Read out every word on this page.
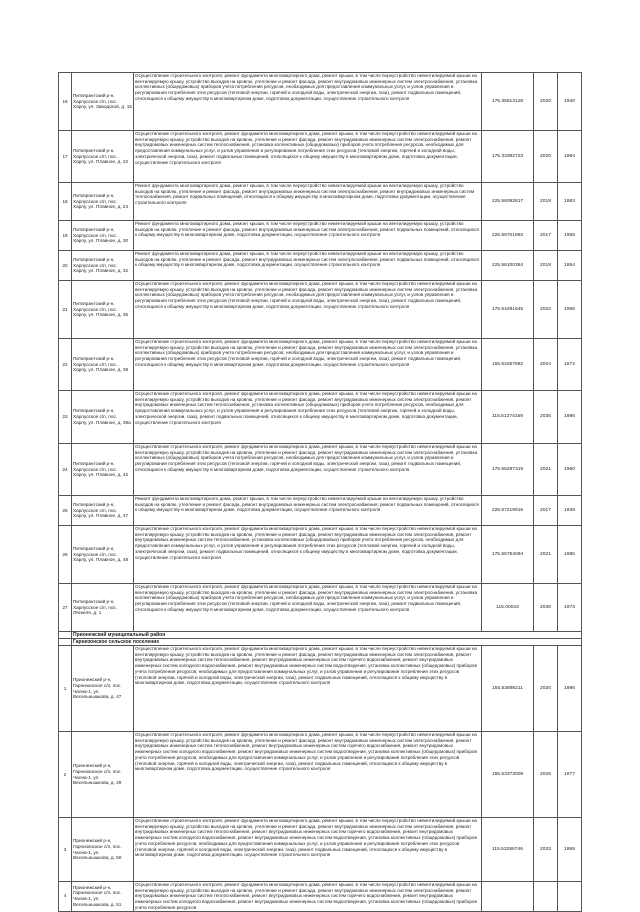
16	Питкярантский р-н, Харлусское с/п, пос. Харлу, ул. Заводской, д. 15	Осуществление строительного контроля, ремонт фундамента многоквартирного дома, ремонт крыши, в том числе переустройство невентилируемой крыши на вентилируемую крышу, устройство выходов на кровлю, утепление и ремонт фасада, ремонт внутридомовых инженерных систем электроснабжения, установка коллективных (общедомовых) приборов учета потребления ресурсов, необходимых для предоставления коммунальных услуг, и узлов управления и регулирования потребления этих ресурсов (тепловой энергии, горячей и холодной воды, электрической энергии, газа), ремонт подвальных помещений, относящихся к общему имуществу в многоквартирном доме, подготовка документации, осуществление строительного контроля	175.35513128	2020	1940
17	Питкярантский р-н, Харлусское с/п, пос. Харлу, ул. Плавное, д. 22	Осуществление строительного контроля, ремонт фундамента многоквартирного дома, ремонт крыши, в том числе переустройство невентилируемой крыши на вентилируемую крышу, устройство выходов на кровлю, утепление и ремонт фасада, ремонт внутридомовых инженерных систем электроснабжения, ремонт внутридомовых инженерных систем теплоснабжения, установка коллективных (общедомовых) приборов учета потребления ресурсов, необходимых для предоставления коммунальных услуг, и узлов управления и регулирования потребления этих ресурсов (тепловой энергии, горячей и холодной воды, электрической энергии, газа), ремонт подвальных помещений, относящихся к общему имуществу в многоквартирном доме, подготовка документации, осуществление строительного контроля	175.33382723	2020	1984
18	Питкярантский р-н, Харлусское с/п, пос. Харлу, ул. Плавное, д. 24	Ремонт фундамента многоквартирного дома, ремонт крыши, в том числе переустройство невентилируемой крыши на вентилируемую крышу, устройство выходов на кровлю, утепление и ремонт фасада, ремонт внутридомовых инженерных систем электроснабжения, ремонт внутридомовых инженерных систем теплоснабжения, ремонт подвальных помещений, относящихся к общему имуществу в многоквартирном доме, подготовка документации, осуществление строительного контроля	225.56092817	2018	1983
19	Питкярантский р-н, Харлусское с/п, пос. Харлу, ул. Плавное, д. 30	Ремонт фундамента многоквартирного дома, ремонт крыши, в том числе переустройство невентилируемой крыши на вентилируемую крышу, устройство выходов на кровлю, утепление и ремонт фасада, ремонт внутридомовых инженерных систем электроснабжения, ремонт подвальных помещений, относящихся к общему имуществу в многоквартирном доме, подготовка документации, осуществление строительного контроля	225.56701993	2017	1955
20	Питкярантский р-н, Харлусское с/п, пос. Харлу, ул. Плавное, д. 32	Ремонт фундамента многоквартирного дома, ремонт крыши, в том числе переустройство невентилируемой крыши на вентилируемую крышу, устройство выходов на кровлю, утепление и ремонт фасада, ремонт внутридомовых инженерных систем электроснабжения, ремонт подвальных помещений, относящихся к общему имуществу в многоквартирном доме, подготовка документации, осуществление строительного контроля	225.56100384	2018	1954
21	Питкярантский р-н, Харлусское с/п, пос. Харлу, ул. Плавное, д. 36	Осуществление строительного контроля, ремонт фундамента многоквартирного дома, ремонт крыши, в том числе переустройство невентилируемой крыши на вентилируемую крышу, устройство выходов на кровлю, утепление и ремонт фасада, ремонт внутридомовых инженерных систем электроснабжения, установка коллективных (общедомовых) приборов учета потребления ресурсов, необходимых для предоставления коммунальных услуг, и узлов управления и регулирования потребления этих ресурсов (тепловой энергии, горячей и холодной воды, электрической энергии, газа), ремонт подвальных помещений, относящихся к общему имуществу в многоквартирном доме, подготовка документации, осуществление строительного контроля	175.54291645	2022	1965
22	Питкярантский р-н, Харлусское с/п, пос. Харлу, ул. Плавное, д. 38	Осуществление строительного контроля, ремонт фундамента многоквартирного дома, ремонт крыши, в том числе переустройство невентилируемой крыши на вентилируемую крышу, устройство выходов на кровлю, утепление и ремонт фасада, ремонт внутридомовых инженерных систем электроснабжения, установка коллективных (общедомовых) приборов учета потребления ресурсов, необходимых для предоставления коммунальных услуг, и узлов управления и регулирования потребления этих ресурсов (тепловой энергии, горячей и холодной воды, электрической энергии, газа), ремонт подвальных помещений, относящихся к общему имуществу в многоквартирном доме, подготовка документации, осуществление строительного контроля	155.54257962	2024	1972
23	Питкярантский р-н, Харлусское с/п, пос. Харлу, ул. Плавное, д. 38а	Осуществление строительного контроля, ремонт фундамента многоквартирного дома, ремонт крыши, в том числе переустройство невентилируемой крыши на вентилируемую крышу, устройство выходов на кровлю, утепление и ремонт фасада, ремонт внутридомовых инженерных систем электроснабжения, ремонт внутридомовых инженерных систем теплоснабжения, установка коллективных (общедомовых) приборов учета потребления ресурсов, необходимых для предоставления коммунальных услуг, и узлов управления и регулирования потребления этих ресурсов (тепловой энергии, горячей и холодной воды, электрической энергии, газа), ремонт подвальных помещений, относящихся к общему имуществу в многоквартирном доме, подготовка документации, осуществление строительного контроля	115.51274159	2035	1986
24	Питкярантский р-н, Харлусское с/п, пос. Харлу, ул. Плавное, д. 42	Осуществление строительного контроля, ремонт фундамента многоквартирного дома, ремонт крыши, в том числе переустройство невентилируемой крыши на вентилируемую крышу, устройство выходов на кровлю, утепление и ремонт фасада, ремонт внутридомовых инженерных систем электроснабжения, установка коллективных (общедомовых) приборов учета потребления ресурсов, необходимых для предоставления коммунальных услуг, и узлов управления и регулирования потребления этих ресурсов (тепловой энергии, горячей и холодной воды, электрической энергии, газа), ремонт подвальных помещений, относящихся к общему имуществу в многоквартирном доме, подготовка документации, осуществление строительного контроля	175.55297319	2021	1960
25	Питкярантский р-н, Харлусское с/п, пос. Харлу, ул. Плавное, д. 47	Ремонт фундамента многоквартирного дома, ремонт крыши, в том числе переустройство невентилируемой крыши на вентилируемую крышу, устройство выходов на кровлю, утепление и ремонт фасада, ремонт внутридомовых инженерных систем электроснабжения, ремонт подвальных помещений, относящихся к общему имуществу в многоквартирном доме, подготовка документации, осуществление строительного контроля	225.57219916	2017	1939
26	Питкярантский р-н, Харлусское с/п, пос. Харлу, ул. Плавное, д. 48	Осуществление строительного контроля, ремонт фундамента многоквартирного дома, ремонт крыши, в том числе переустройство невентилируемой крыши на вентилируемую крышу, устройство выходов на кровлю, утепление и ремонт фасада, ремонт внутридомовых инженерных систем электроснабжения, ремонт внутридомовых инженерных систем теплоснабжения, установка коллективных (общедомовых) приборов учета потребления ресурсов, необходимых для предоставления коммунальных услуг, и узлов управления и регулирования потребления этих ресурсов (тепловой энергии, горячей и холодной воды, электрической энергии, газа), ремонт подвальных помещений, относящихся к общему имуществу в многоквартирном доме, подготовка документации, осуществление строительного контроля	175.55764094	2021	1986
27	Питкярантский р-н, Харлусское с/п, пос. Ляскеля, д. 1	Осуществление строительного контроля, ремонт фундамента многоквартирного дома, ремонт крыши, в том числе переустройство невентилируемой крыши на вентилируемую крышу, устройство выходов на кровлю, утепление и ремонт фасада, ремонт внутридомовых инженерных систем электроснабжения, установка коллективных (общедомовых) приборов учета потребления ресурсов, необходимых для предоставления коммунальных услуг, и узлов управления и регулирования потребления этих ресурсов (тепловой энергии, горячей и холодной воды, электрической энергии, газа), ремонт подвальных помещений, относящихся к общему имуществу в многоквартирном доме, подготовка документации, осуществление строительного контроля	115.00043	2036	1973
	Прионежский муниципальный район				
	Гарнизонское сельское поселение				
1	Прионежский р-н, Гарнизонское с/п, пос. Чална-1, ул. Весельнышкова, д. 47	Осуществление строительного контроля, ремонт фундамента многоквартирного дома, ремонт крыши, в том числе переустройство невентилируемой крыши на вентилируемую крышу, устройство выходов на кровлю, утепление и ремонт фасада, ремонт внутридомовых инженерных систем электроснабжения, ремонт внутридомовых инженерных систем теплоснабжения, ремонт внутридомовых инженерных систем горячего водоснабжения, ремонт внутридомовых инженерных систем холодного водоснабжения, ремонт внутридомовых инженерных систем водоотведения, установка коллективных (общедомовых) приборов учета потребления ресурсов, необходимых для предоставления коммунальных услуг, и узлов управления и регулирования потребления этих ресурсов (тепловой энергии, горячей и холодной воды, электрической энергии, газа), ремонт подвальных помещений, относящихся к общему имуществу в многоквартирном доме, подготовка документации, осуществление строительного контроля	155.53898211	2020	1986
2	Прионежский р-н, Гарнизонское с/п, пос. Чална-1, ул. Весельнышкова, д. 49	Осуществление строительного контроля, ремонт фундамента многоквартирного дома, ремонт крыши, в том числе переустройство невентилируемой крыши на вентилируемую крышу, устройство выходов на кровлю, утепление и ремонт фасада, ремонт внутридомовых инженерных систем электроснабжения, ремонт внутридомовых инженерных систем теплоснабжения, ремонт внутридомовых инженерных систем горячего водоснабжения, ремонт внутридомовых инженерных систем холодного водоснабжения, ремонт внутридомовых инженерных систем водоотведения, установка коллективных (общедомовых) приборов учета потребления ресурсов, необходимых для предоставления коммунальных услуг, и узлов управления и регулирования потребления этих ресурсов (тепловой энергии, горячей и холодной воды, электрической энергии, газа), ремонт подвальных помещений, относящихся к общему имуществу в многоквартирном доме, подготовка документации, осуществление строительного контроля	155.53373009	2026	1977
3	Прионежский р-н, Гарнизонское с/п, пос. Чална-1, ул. Весельнышкова, д. 50	Осуществление строительного контроля, ремонт фундамента многоквартирного дома, ремонт крыши, в том числе переустройство невентилируемой крыши на вентилируемую крышу, устройство выходов на кровлю, утепление и ремонт фасада, ремонт внутридомовых инженерных систем электроснабжения, ремонт внутридомовых инженерных систем теплоснабжения, ремонт внутридомовых инженерных систем горячего водоснабжения, ремонт внутридомовых инженерных систем холодного водоснабжения, ремонт внутридомовых инженерных систем водоотведения, установка коллективных (общедомовых) приборов учета потребления ресурсов, необходимых для предоставления коммунальных услуг, и узлов управления и регулирования потребления этих ресурсов (тепловой энергии, горячей и холодной воды, электрической энергии, газа), ремонт подвальных помещений, относящихся к общему имуществу в многоквартирном доме, подготовка документации, осуществление строительного контроля	115.53286746	2033	1959
4	Прионежский р-н, Гарнизонское с/п, пос. Чална-1, ул. Весельнышкова, д. 51	Осуществление строительного контроля, ремонт фундамента многоквартирного дома, ремонт крыши, в том числе переустройство невентилируемой крыши на вентилируемую крышу, устройство выходов на кровлю, утепление и ремонт фасада, ремонт внутридомовых инженерных систем электроснабжения, ремонт внутридомовых инженерных систем теплоснабжения, ремонт внутридомовых инженерных систем горячего водоснабжения, ремонт внутридомовых инженерных систем холодного водоснабжения, ремонт внутридомовых инженерных систем водоотведения, установка коллективных (общедомовых) приборов учета потребления ресурсов			
